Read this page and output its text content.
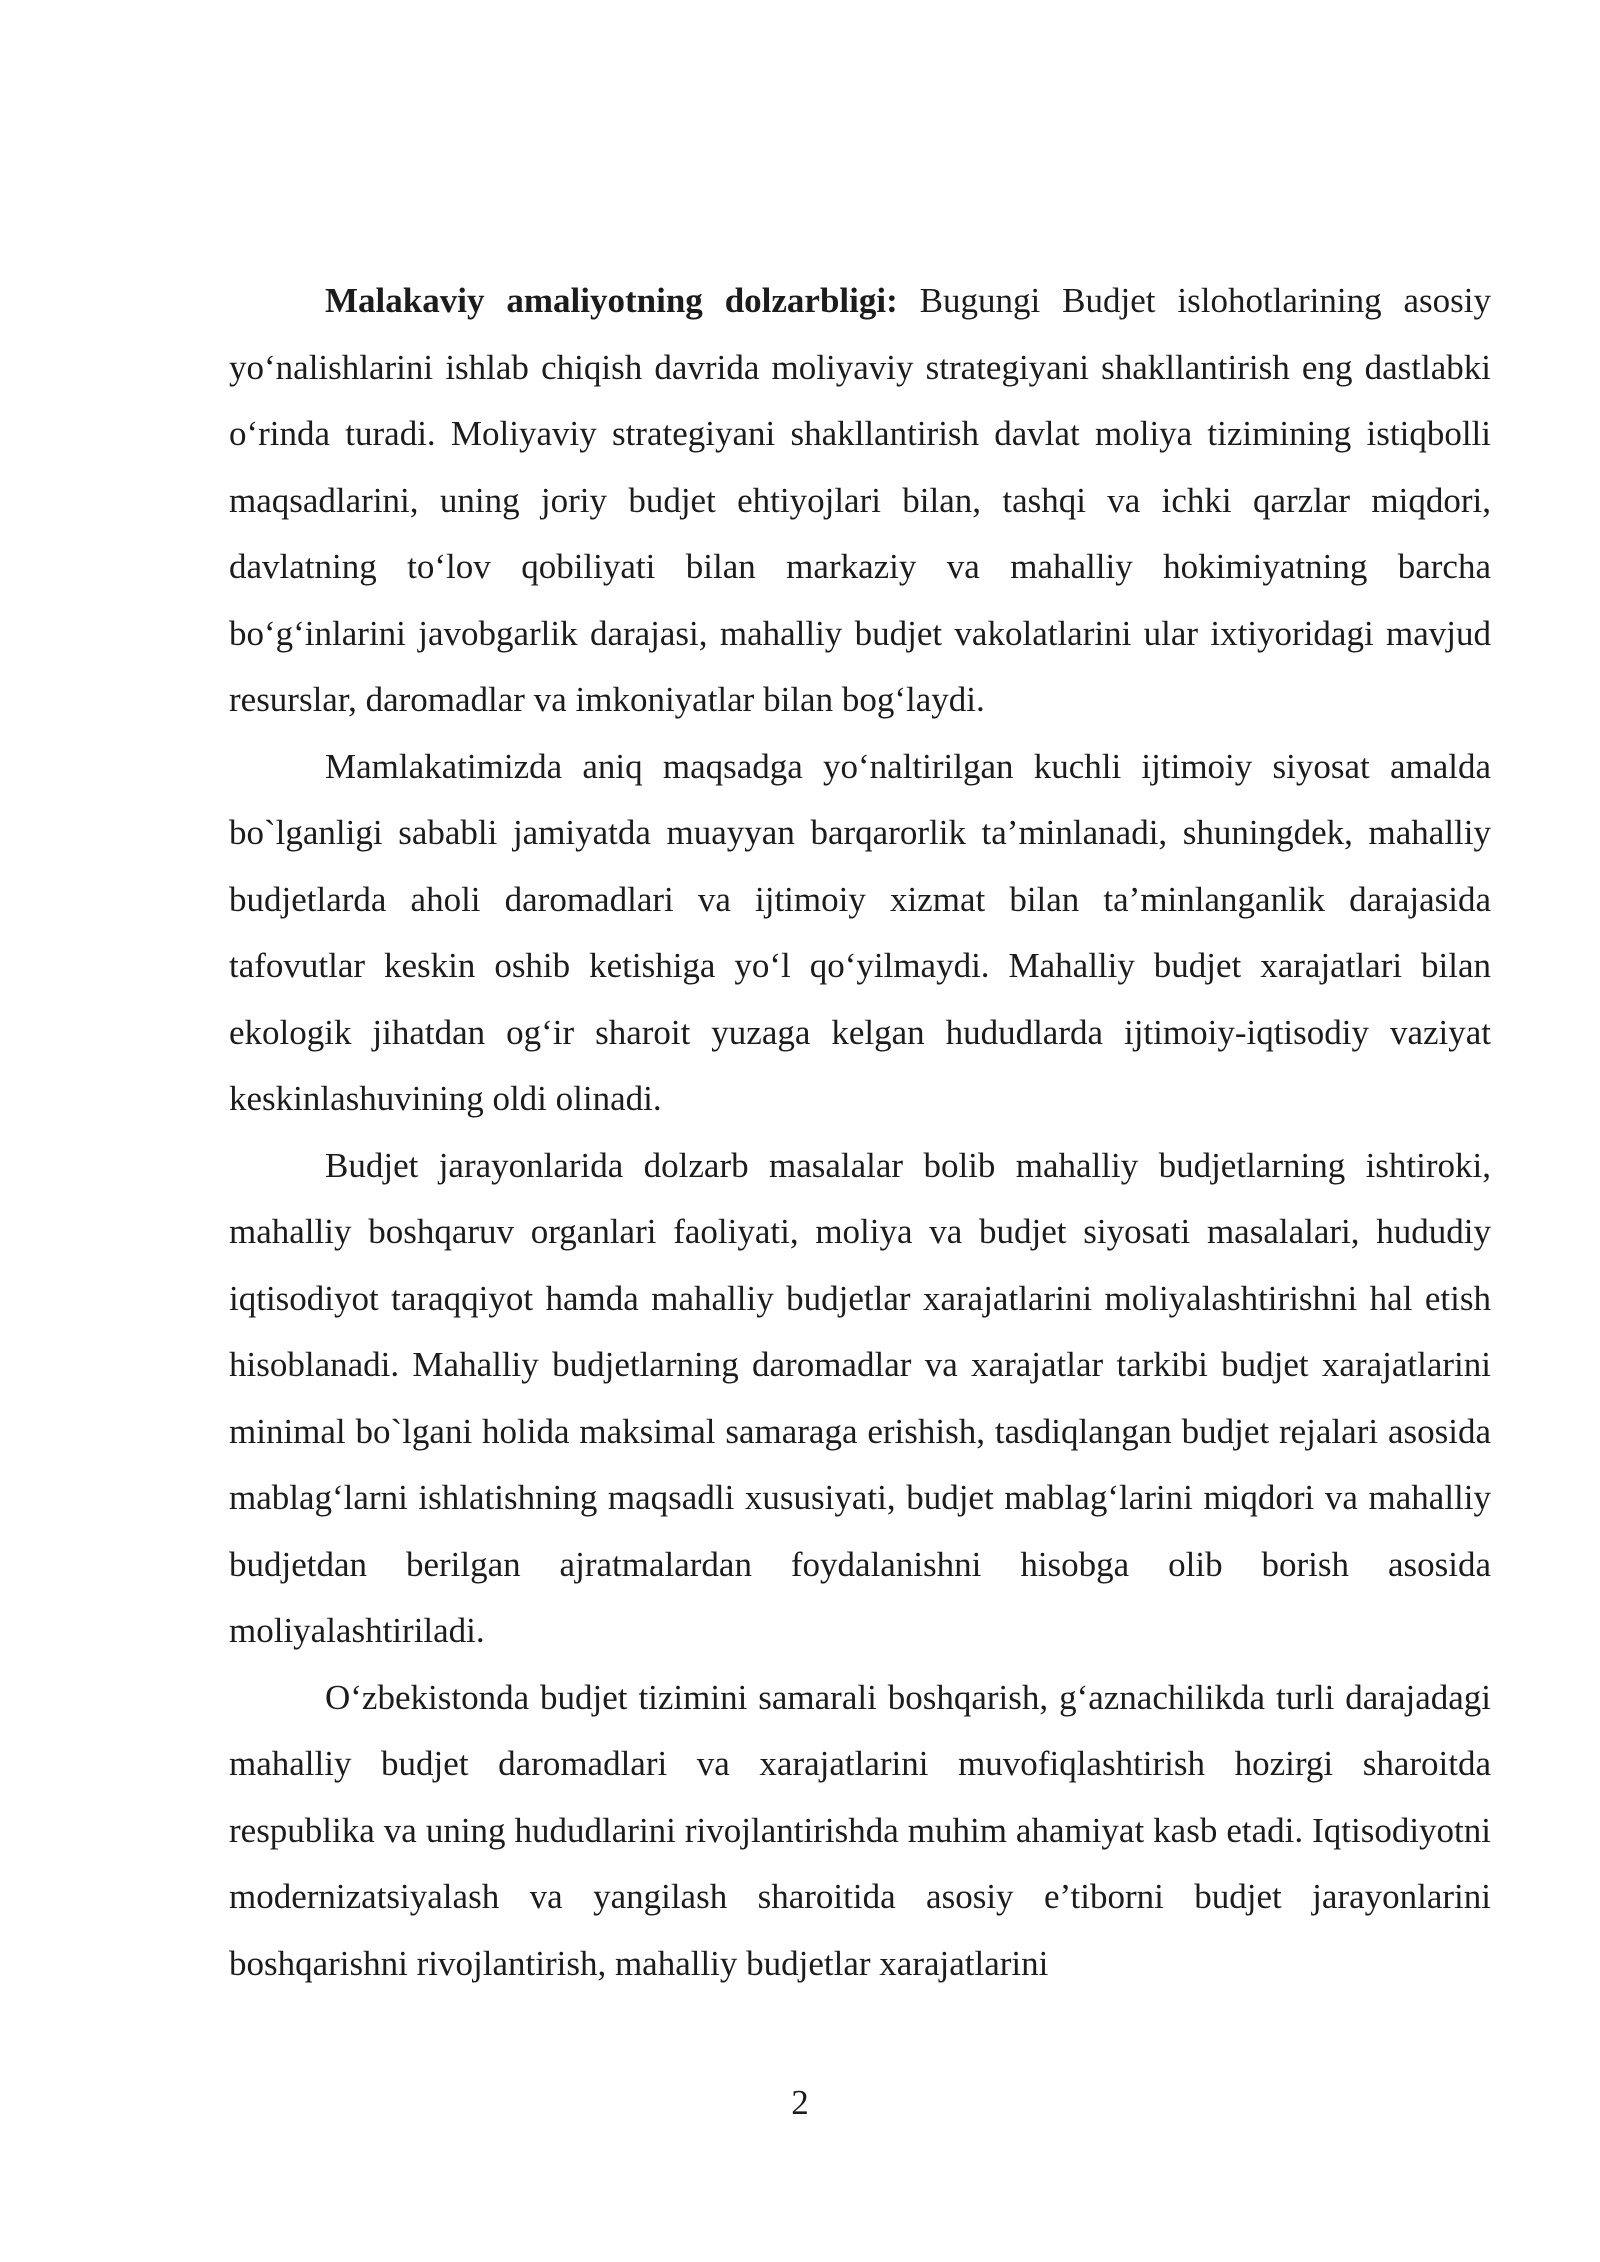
Malakaviy amaliyotning dolzarbligi: Bugungi Budjet islohotlarining asosiy yo‘nalishlarini ishlab chiqish davrida moliyaviy strategiyani shakllantirish eng dastlabki o‘rinda turadi. Moliyaviy strategiyani shakllantirish davlat moliya tizimining istiqbolli maqsadlarini, uning joriy budjet ehtiyojlari bilan, tashqi va ichki qarzlar miqdori, davlatning to‘lov qobiliyati bilan markaziy va mahalliy hokimiyatning barcha bo‘g‘inlarini javobgarlik darajasi, mahalliy budjet vakolatlarini ular ixtiyoridagi mavjud resurslar, daromadlar va imkoniyatlar bilan bog‘laydi.

Mamlakatimizda aniq maqsadga yo‘naltirilgan kuchli ijtimoiy siyosat amalda bo`lganligi sababli jamiyatda muayyan barqarorlik ta’minlanadi, shuningdek, mahalliy budjetlarda aholi daromadlari va ijtimoiy xizmat bilan ta’minlanganlik darajasida tafovutlar keskin oshib ketishiga yo‘l qo‘yilmaydi. Mahalliy budjet xarajatlari bilan ekologik jihatdan og‘ir sharoit yuzaga kelgan hududlarda ijtimoiy-iqtisodiy vaziyat keskinlashuvining oldi olinadi.

Budjet jarayonlarida dolzarb masalalar bolib mahalliy budjetlarning ishtiroki, mahalliy boshqaruv organlari faoliyati, moliya va budjet siyosati masalalari, hududiy iqtisodiyot taraqqiyot hamda mahalliy budjetlar xarajatlarini moliyalashtirishni hal etish hisoblanadi. Mahalliy budjetlarning daromadlar va xarajatlar tarkibi budjet xarajatlarini minimal bo`lgani holida maksimal samaraga erishish, tasdiqlangan budjet rejalari asosida mablag‘larni ishlatishning maqsadli xususiyati, budjet mablag‘larini miqdori va mahalliy budjetdan berilgan ajratmalardan foydalanishni hisobga olib borish asosida moliyalashtiriladi.

O‘zbekistonda budjet tizimini samarali boshqarish, g‘aznachilikda turli darajadagi mahalliy budjet daromadlari va xarajatlarini muvofiqlashtirish hozirgi sharoitda respublika va uning hududlarini rivojlantirishda muhim ahamiyat kasb etadi. Iqtisodiyotni modernizatsiyalash va yangilash sharoitida asosiy e’tiborni budjet jarayonlarini boshqarishni rivojlantirish, mahalliy budjetlar xarajatlarini

2
